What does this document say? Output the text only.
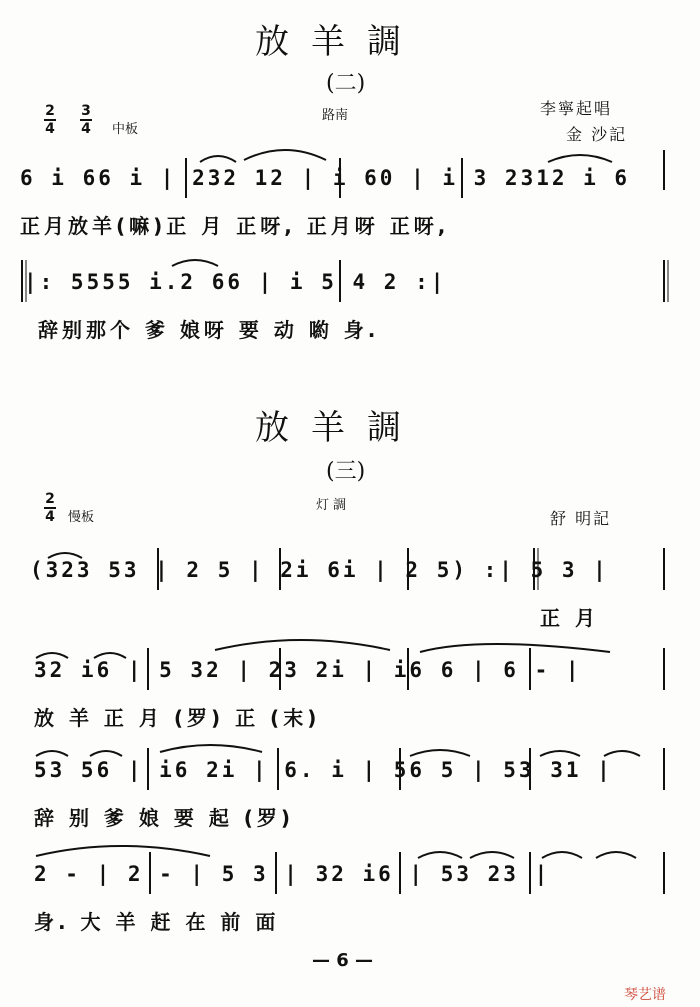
放羊調
(二)
2
4
3
4 中板
路南	李寧起唱
金 沙記
6 i 66 i | 232 12 | i 60 | i 3 2312 i 6
正月放羊(嘛)正 月 正呀, 正月呀 正呀,
|: 5555 i.2 66 | i 5 4 2 :|
辞别那个 爹 娘呀 要 动 喲 身.
放羊調
(三)
2
4 慢板
灯 調
舒 明記
(323 53 | 2 5 | 2i 6i | 2 5) :| 5 3 |
正 月
32 i6 | 5 32 | 23 2i | i6 6 | 6 - |
放 羊 正 月 (罗) 正 (末)
53 56 | i6 2i | 6. i | 56 5 | 53 31 |
辞 别 爹 娘 要 起 (罗)
2 - | 2 - | 5 3 | 32 i6 | 53 23 |
身. 大 羊 赶 在 前 面
— 6 —
琴艺谱
